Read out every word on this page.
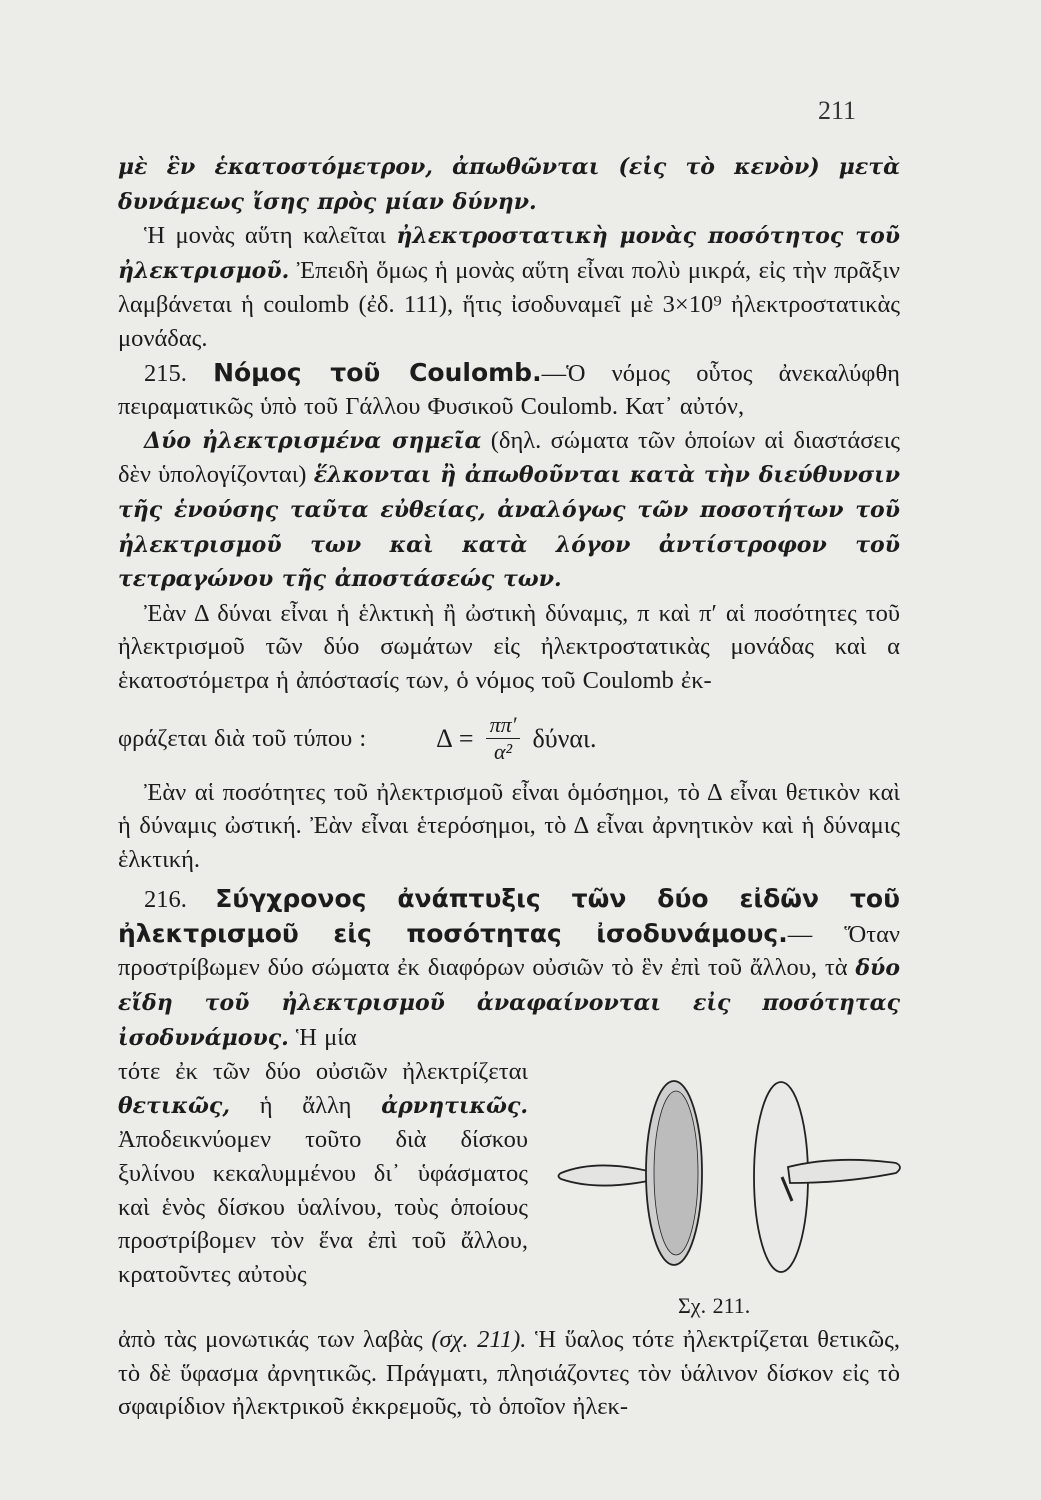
211

μὲ ἓν ἑκατοστόμετρον, ἀπωθῶνται (εἰς τὸ κενὸν) μετὰ δυνάμεως ἴσης πρὸς μίαν δύνην.

Ἡ μονὰς αὕτη καλεῖται ἠλεκτροστατικὴ μονὰς ποσότητος τοῦ ἠλεκτρισμοῦ. Ἐπειδὴ ὅμως ἡ μονὰς αὕτη εἶναι πολὺ μικρά, εἰς τὴν πρᾶξιν λαμβάνεται ἡ coulomb (ἐδ. 111), ἥτις ἰσοδυναμεῖ μὲ 3×10⁹ ἠλεκτροστατικὰς μονάδας.

215. Νόμος τοῦ Coulomb.—Ὁ νόμος οὗτος ἀνεκαλύφθη πειραματικῶς ὑπὸ τοῦ Γάλλου Φυσικοῦ Coulomb. Κατ᾽ αὐτόν,

Δύο ἠλεκτρισμένα σημεῖα (δηλ. σώματα τῶν ὁποίων αἱ διαστάσεις δὲν ὑπολογίζονται) ἕλκονται ἢ ἀπωθοῦνται κατὰ τὴν διεύθυνσιν τῆς ἑνούσης ταῦτα εὐθείας, ἀναλόγως τῶν ποσοτήτων τοῦ ἠλεκτρισμοῦ των καὶ κατὰ λόγον ἀντίστροφον τοῦ τετραγώνου τῆς ἀποστάσεώς των.

Ἐὰν Δ δύναι εἶναι ἡ ἑλκτικὴ ἢ ὠστικὴ δύναμις, π καὶ π′ αἱ ποσότητες τοῦ ἠλεκτρισμοῦ τῶν δύο σωμάτων εἰς ἠλεκτροστατικὰς μονάδας καὶ α ἑκατοστόμετρα ἡ ἀπόστασίς των, ὁ νόμος τοῦ Coulomb ἐκ-

φράζεται διὰ τοῦ τύπου :	$\Delta = \frac{\pi\pi'}{\text{α²}} \delta ύ\nu\alpha\iota$.

Ἐὰν αἱ ποσότητες τοῦ ἠλεκτρισμοῦ εἶναι ὁμόσημοι, τὸ Δ εἶναι θετικὸν καὶ ἡ δύναμις ὠστική. Ἐὰν εἶναι ἑτερόσημοι, τὸ Δ εἶναι ἀρνητικὸν καὶ ἡ δύναμις ἑλκτική.

216. Σύγχρονος ἀνάπτυξις τῶν δύο εἰδῶν τοῦ ἠλεκτρισμοῦ εἰς ποσότητας ἰσοδυνάμους.— Ὅταν προστρίβωμεν δύο σώματα ἐκ διαφόρων οὐσιῶν τὸ ἓν ἐπὶ τοῦ ἄλλου, τὰ δύο εἴδη τοῦ ἠλεκτρισμοῦ ἀναφαίνονται εἰς ποσότητας ἰσοδυνάμους. Ἡ μία

τότε ἐκ τῶν δύο οὐσιῶν ἠλεκτρίζεται θετικῶς, ἡ ἄλλη ἀρνητικῶς. Ἀποδεικνύομεν τοῦτο διὰ δίσκου ξυλίνου κεκαλυμμένου δι᾽ ὑφάσματος καὶ ἑνὸς δίσκου ὑαλίνου, τοὺς ὁποίους προστρίβομεν τὸν ἕνα ἐπὶ τοῦ ἄλλου, κρατοῦντες αὐτοὺς

Σχ. 211.

ἀπὸ τὰς μονωτικάς των λαβὰς (σχ. 211). Ἡ ὕαλος τότε ἠλεκτρίζεται θετικῶς, τὸ δὲ ὕφασμα ἀρνητικῶς. Πράγματι, πλησιάζοντες τὸν ὑάλινον δίσκον εἰς τὸ σφαιρίδιον ἠλεκτρικοῦ ἐκκρεμοῦς, τὸ ὁποῖον ἠλεκ-
